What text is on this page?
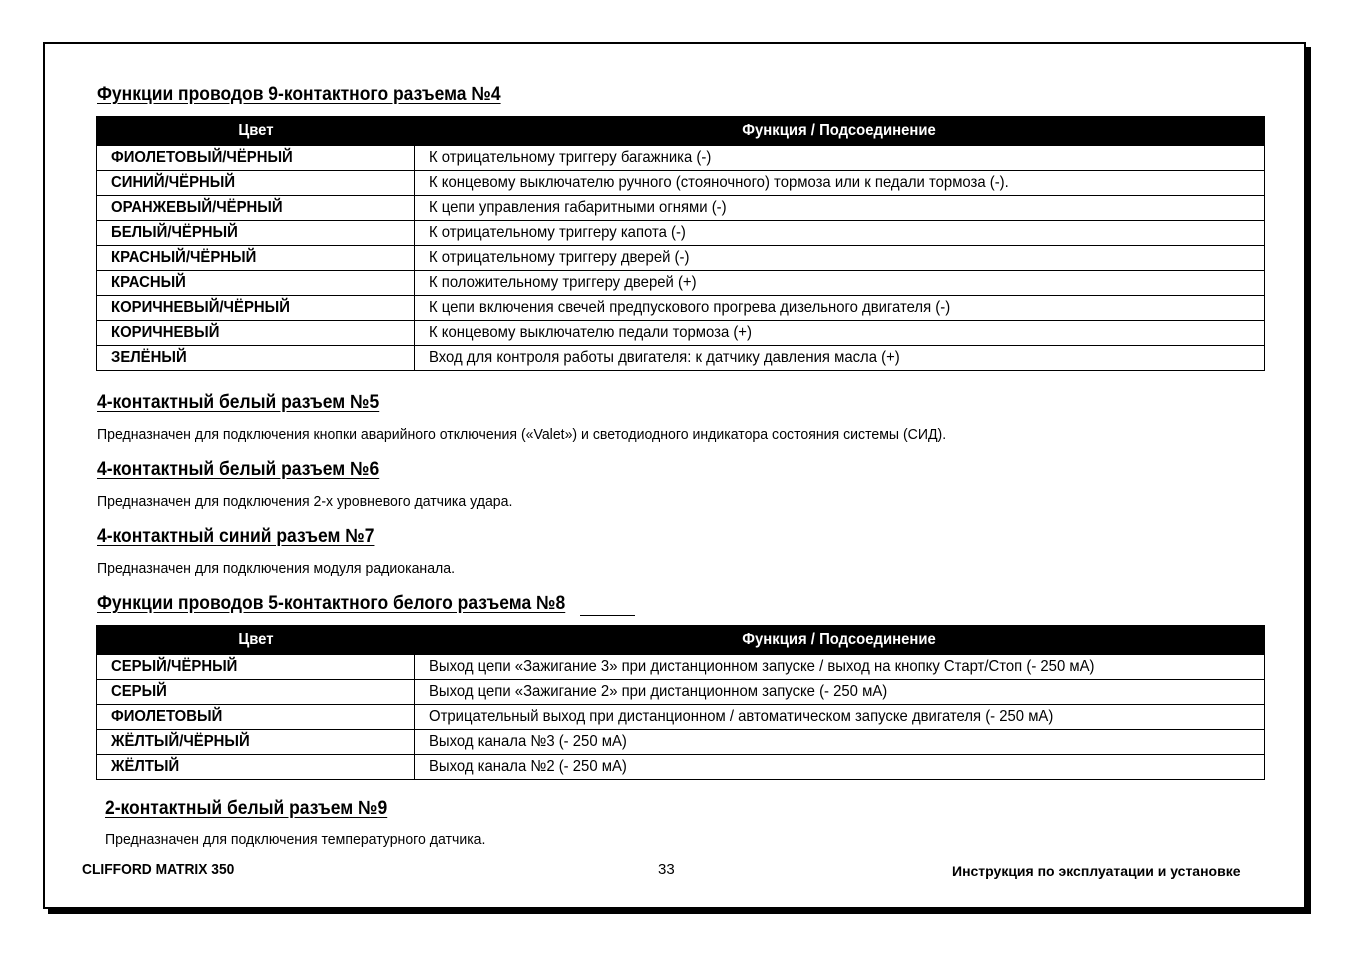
Функции проводов 9-контактного разъема №4
Цвет	Функция / Подсоединение
ФИОЛЕТОВЫЙ/ЧЁРНЫЙ	К отрицательному триггеру багажника (-)
СИНИЙ/ЧЁРНЫЙ	К концевому выключателю ручного (стояночного) тормоза или к педали тормоза (-).
ОРАНЖЕВЫЙ/ЧЁРНЫЙ	К цепи управления габаритными огнями (-)
БЕЛЫЙ/ЧЁРНЫЙ	К отрицательному триггеру капота (-)
КРАСНЫЙ/ЧЁРНЫЙ	К отрицательному триггеру дверей (-)
КРАСНЫЙ	К положительному триггеру дверей (+)
КОРИЧНЕВЫЙ/ЧЁРНЫЙ	К цепи включения свечей предпускового прогрева дизельного двигателя (-)
КОРИЧНЕВЫЙ	К концевому выключателю педали тормоза (+)
ЗЕЛЁНЫЙ	Вход для контроля работы двигателя: к датчику давления масла (+)
4-контактный белый разъем №5
Предназначен для подключения кнопки аварийного отключения («Valet») и светодиодного индикатора состояния системы (СИД).
4-контактный белый разъем №6
Предназначен для подключения 2-х уровневого датчика удара.
4-контактный синий разъем №7
Предназначен для подключения модуля радиоканала.
Функции проводов 5-контактного белого разъема №8
Цвет	Функция / Подсоединение
СЕРЫЙ/ЧЁРНЫЙ	Выход цепи «Зажигание 3» при дистанционном запуске / выход на кнопку Старт/Стоп (- 250 мА)
СЕРЫЙ	Выход цепи «Зажигание 2» при дистанционном запуске (- 250 мА)
ФИОЛЕТОВЫЙ	Отрицательный выход при дистанционном / автоматическом запуске двигателя (- 250 мА)
ЖЁЛТЫЙ/ЧЁРНЫЙ	Выход канала №3 (- 250 мА)
ЖЁЛТЫЙ	Выход канала №2 (- 250 мА)
2-контактный белый разъем №9
Предназначен для подключения температурного датчика.
CLIFFORD MATRIX 350	33	Инструкция по эксплуатации и установке
